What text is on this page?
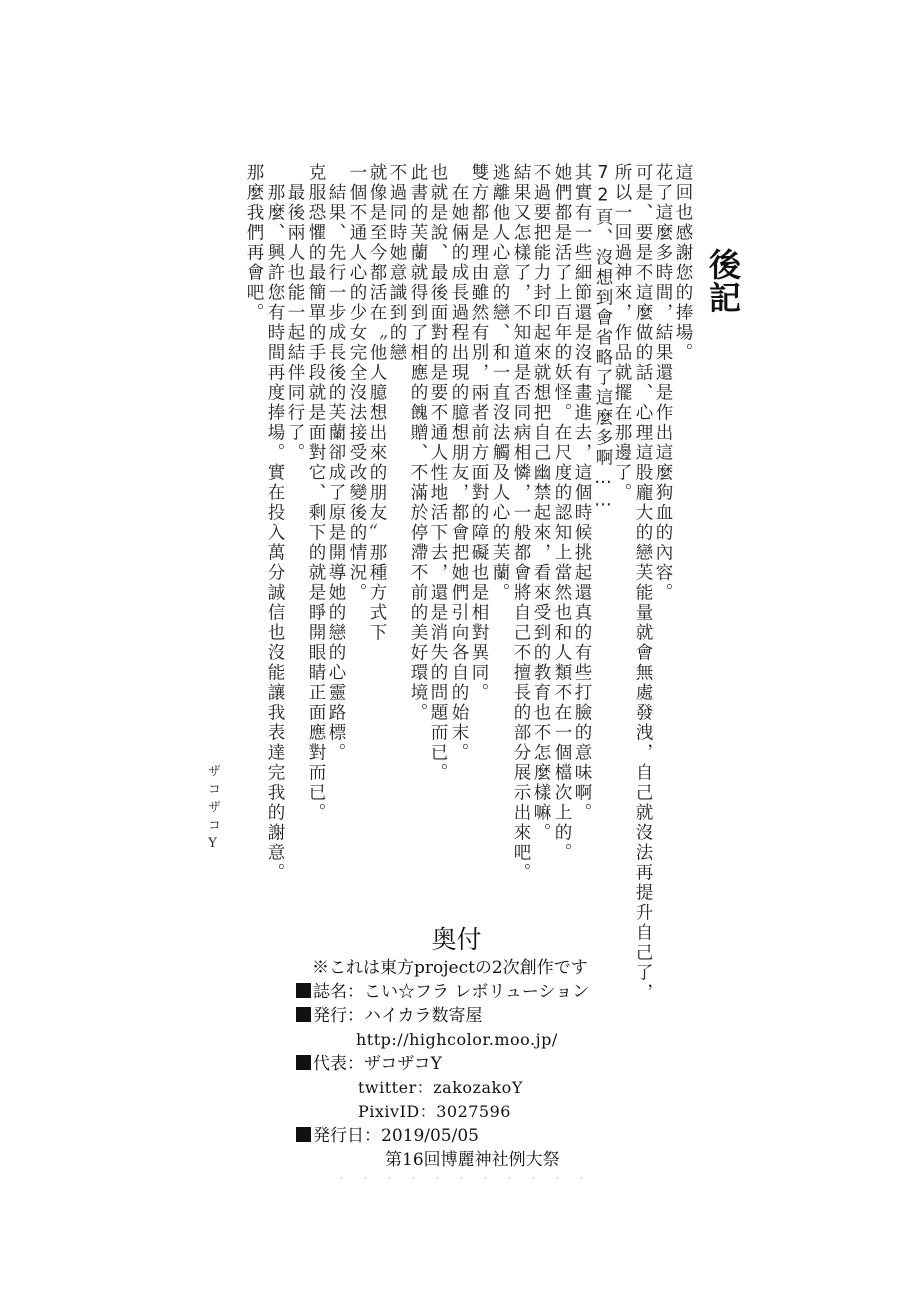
後記
這回也感謝您的捧場。
花了這麼多時間，結果還是作出這麼狗血的內容。
可是、要是不這麼做的話、心理這股龐大的戀芙能量就會無處發洩，自己就沒法再提升自己了，
所以一回過神來，作品就擺在那邊了。
72頁、沒想到會省略了這麼多啊……
其實有一些細節還是沒有畫進去，這個時候挑起還真的有些打臉的意味啊。
她們都是活了上百年的妖怪。在尺度的認知上當然也和人類不在一個檔次上的。
不過要把能力封印起來就想把自己幽禁起來，看來受到的教育也不怎麼樣嘛。
結果又怎樣了，不知道是否同病相憐，一般都會將自己不擅長的部分展示出來吧。
逃離他人心意的戀、和一直沒法觸及人心的芙蘭。
雙方都是理由雖然有別，兩者前方面對的障礙也是相對異同。
在她倆的成長過程出現的臆想朋友，都會把她們引向各自的始末。
也就是說、最後面對的是要不通人性地活下去，還是消失的問題而已。
此書的芙蘭就得到了相應的餽贈、不滿於停滯不前的美好環境。
不過同時她意識到的戀
就像是至今都活在〝他人臆想出來的朋友〞那種方式下
一個不通人心的少女完全沒法接受改變後的情況。
結果、先行一步成長後的芙蘭卻成了原是開導她的戀的心靈路標。
克服恐懼的最簡單的手段就是面對它、剩下的就是睜開眼睛正面應對而已。
最後兩人也能一起結伴同行了。
那麼、興許您有時間再度捧場。實在投入萬分誠信也沒能讓我表達完我的謝意。
那麼我們再會吧。
ザコザコY
奥付
※これは東方projectの2次創作です
誌名：こい☆フラ レボリューション
発行：ハイカラ数寄屋
http://highcolor.moo.jp/
代表：ザコザコY
twitter：zakozakoY
PixivID：3027596
発行日：2019/05/05
第16回博麗神社例大祭
